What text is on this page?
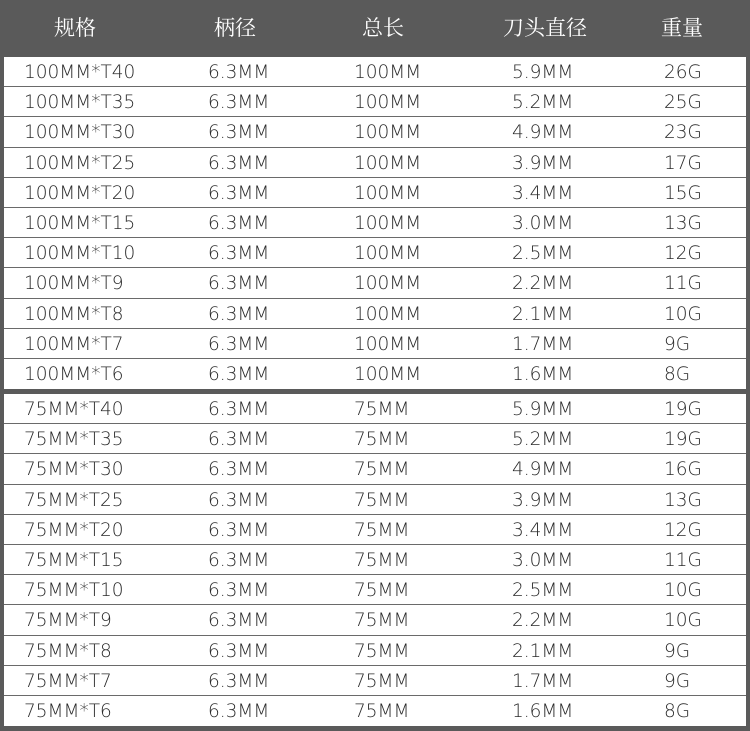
规格	柄径	总长	刀头直径	重量
100MM*T40	6.3MM	100MM	5.9MM	26G
100MM*T35	6.3MM	100MM	5.2MM	25G
100MM*T30	6.3MM	100MM	4.9MM	23G
100MM*T25	6.3MM	100MM	3.9MM	17G
100MM*T20	6.3MM	100MM	3.4MM	15G
100MM*T15	6.3MM	100MM	3.0MM	13G
100MM*T10	6.3MM	100MM	2.5MM	12G
100MM*T9	6.3MM	100MM	2.2MM	11G
100MM*T8	6.3MM	100MM	2.1MM	10G
100MM*T7	6.3MM	100MM	1.7MM	9G
100MM*T6	6.3MM	100MM	1.6MM	8G
75MM*T40	6.3MM	75MM	5.9MM	19G
75MM*T35	6.3MM	75MM	5.2MM	19G
75MM*T30	6.3MM	75MM	4.9MM	16G
75MM*T25	6.3MM	75MM	3.9MM	13G
75MM*T20	6.3MM	75MM	3.4MM	12G
75MM*T15	6.3MM	75MM	3.0MM	11G
75MM*T10	6.3MM	75MM	2.5MM	10G
75MM*T9	6.3MM	75MM	2.2MM	10G
75MM*T8	6.3MM	75MM	2.1MM	9G
75MM*T7	6.3MM	75MM	1.7MM	9G
75MM*T6	6.3MM	75MM	1.6MM	8G
